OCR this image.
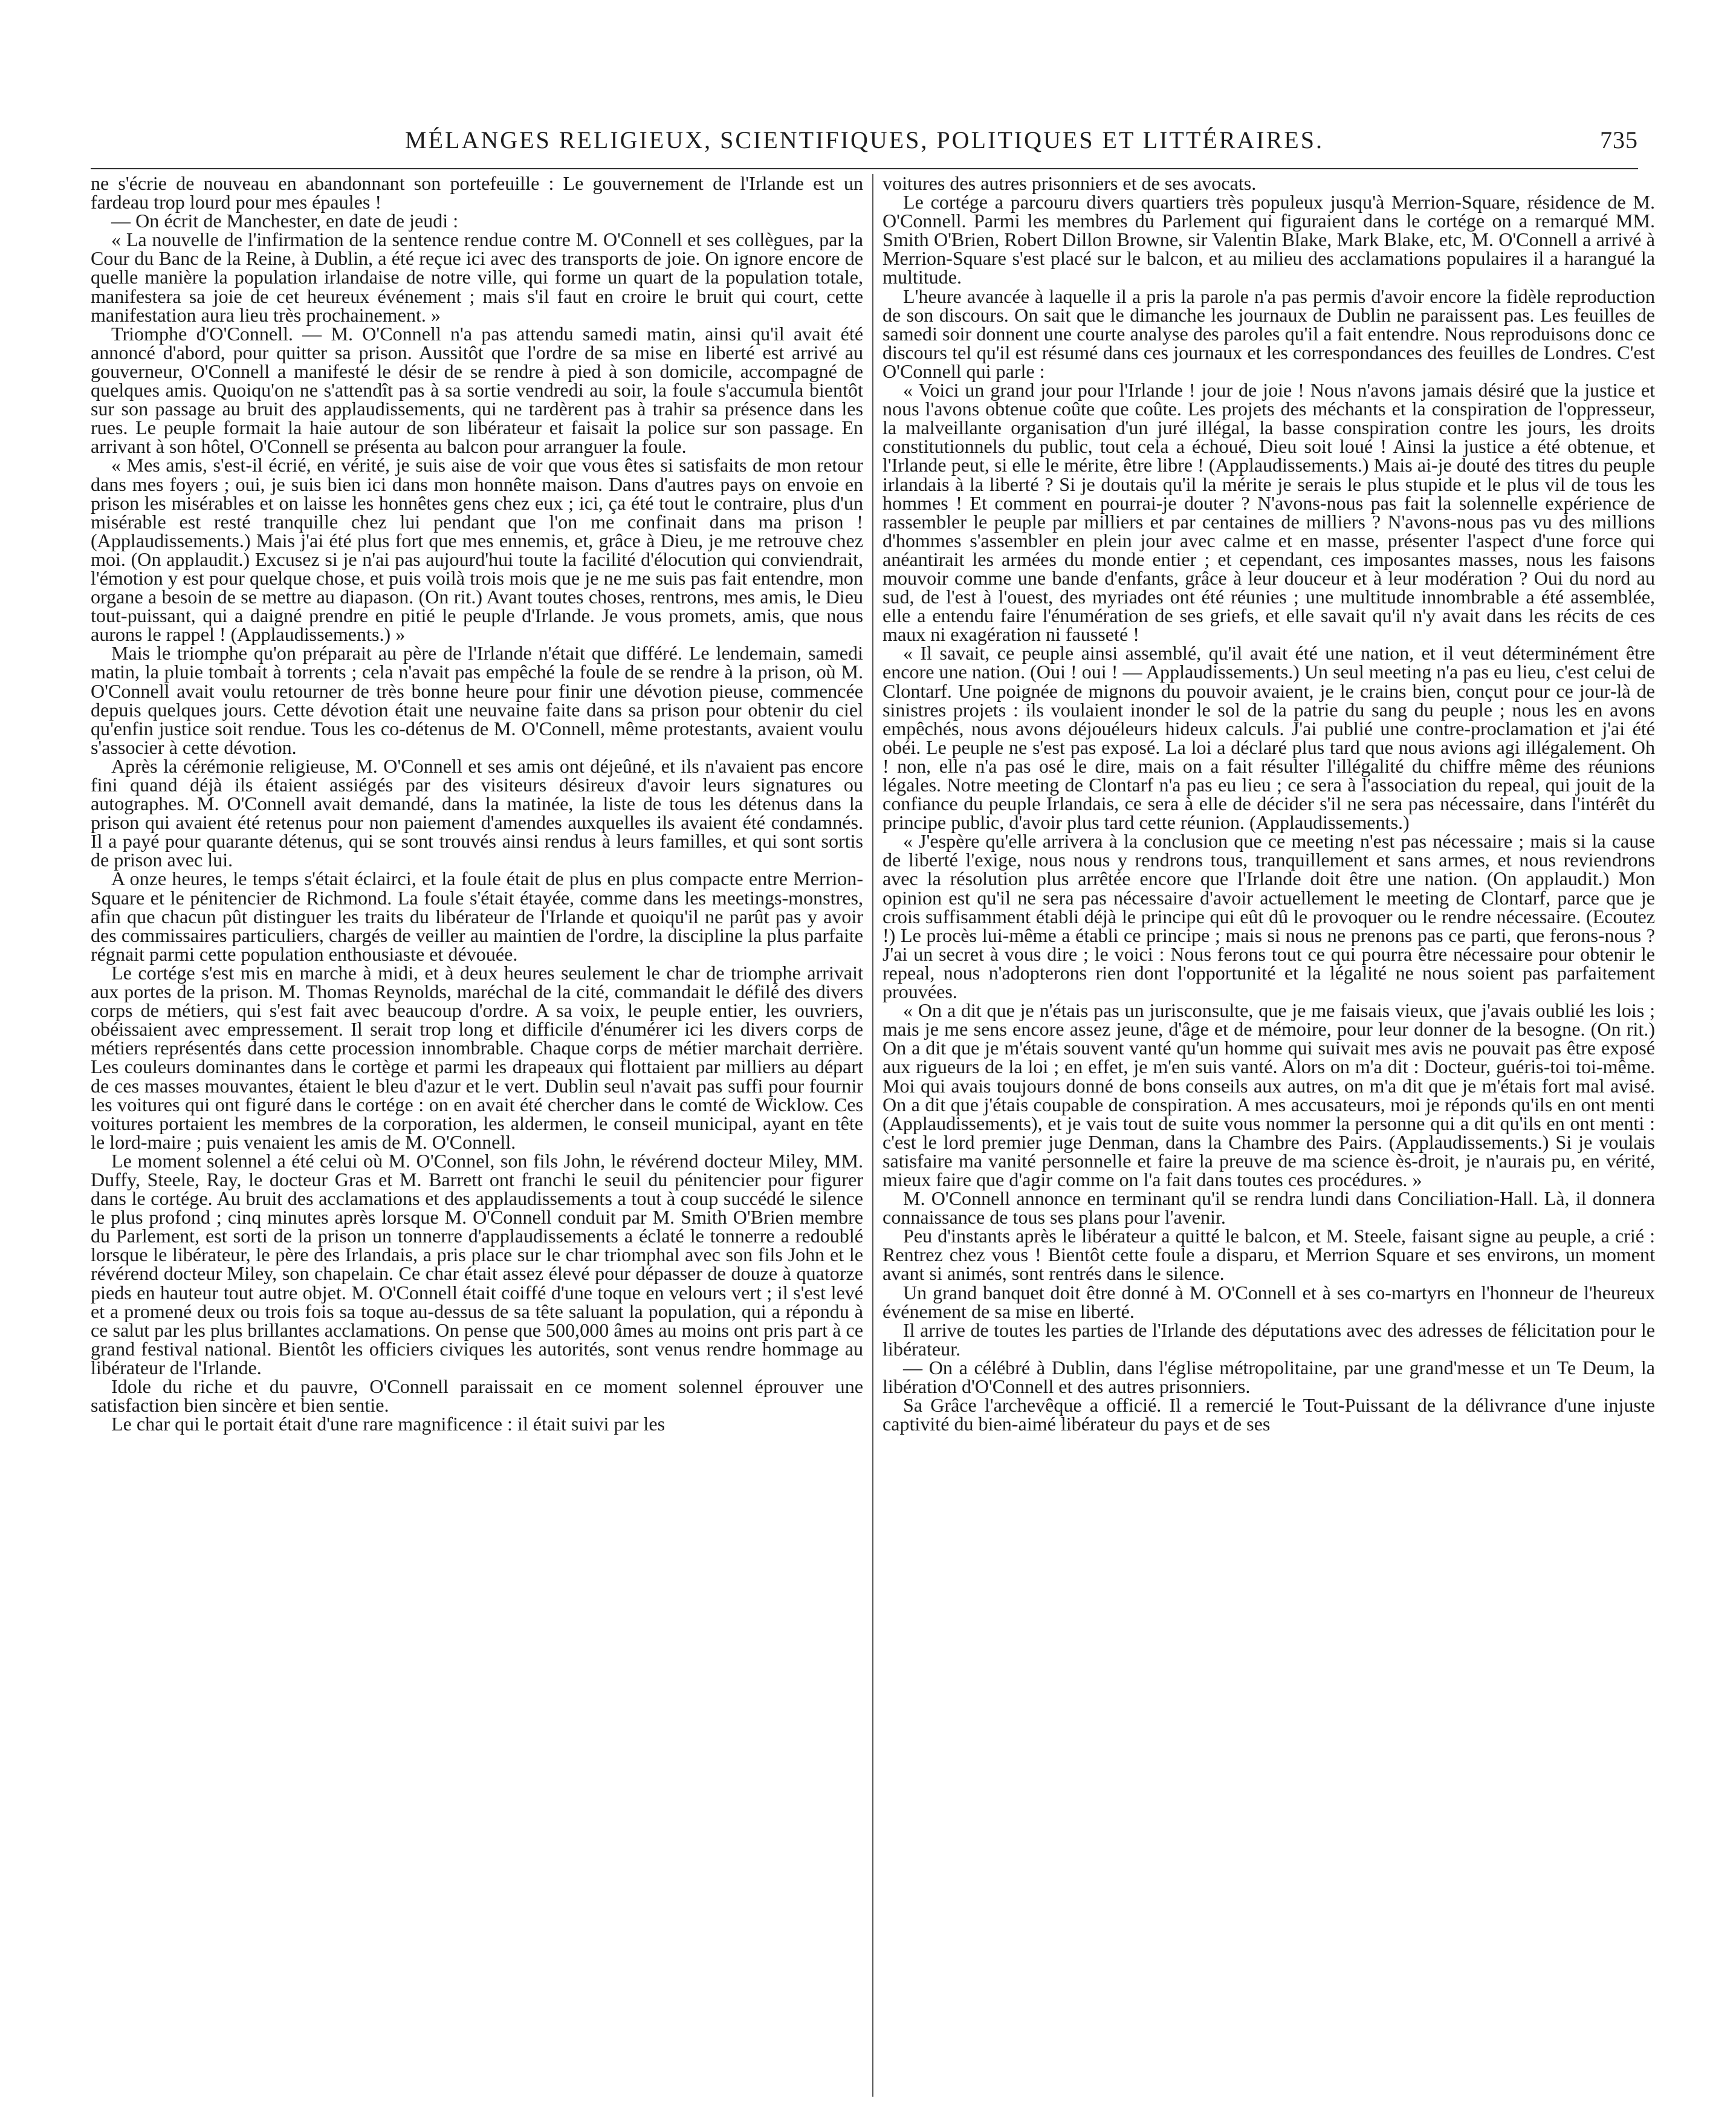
MÉLANGES RELIGIEUX, SCIENTIFIQUES, POLITIQUES ET LITTÉRAIRES.	735

ne s'écrie de nouveau en abandonnant son portefeuille : Le gouvernement de l'Irlande est un fardeau trop lourd pour mes épaules !

— On écrit de Manchester, en date de jeudi :

« La nouvelle de l'infirmation de la sentence rendue contre M. O'Connell et ses collègues, par la Cour du Banc de la Reine, à Dublin, a été reçue ici avec des transports de joie. On ignore encore de quelle manière la population irlandaise de notre ville, qui forme un quart de la population totale, manifestera sa joie de cet heureux événement ; mais s'il faut en croire le bruit qui court, cette manifestation aura lieu très prochainement. »

Triomphe d'O'Connell. — M. O'Connell n'a pas attendu samedi matin, ainsi qu'il avait été annoncé d'abord, pour quitter sa prison. Aussitôt que l'ordre de sa mise en liberté est arrivé au gouverneur, O'Connell a manifesté le désir de se rendre à pied à son domicile, accompagné de quelques amis. Quoiqu'on ne s'attendît pas à sa sortie vendredi au soir, la foule s'accumula bientôt sur son passage au bruit des applaudissements, qui ne tardèrent pas à trahir sa présence dans les rues. Le peuple formait la haie autour de son libérateur et faisait la police sur son passage. En arrivant à son hôtel, O'Connell se présenta au balcon pour arranguer la foule.

« Mes amis, s'est-il écrié, en vérité, je suis aise de voir que vous êtes si satisfaits de mon retour dans mes foyers ; oui, je suis bien ici dans mon honnête maison. Dans d'autres pays on envoie en prison les misérables et on laisse les honnêtes gens chez eux ; ici, ça été tout le contraire, plus d'un misérable est resté tranquille chez lui pendant que l'on me confinait dans ma prison ! (Applaudissements.) Mais j'ai été plus fort que mes ennemis, et, grâce à Dieu, je me retrouve chez moi. (On applaudit.) Excusez si je n'ai pas aujourd'hui toute la facilité d'élocution qui conviendrait, l'émotion y est pour quelque chose, et puis voilà trois mois que je ne me suis pas fait entendre, mon organe a besoin de se mettre au diapason. (On rit.) Avant toutes choses, rentrons, mes amis, le Dieu tout-puissant, qui a daigné prendre en pitié le peuple d'Irlande. Je vous promets, amis, que nous aurons le rappel ! (Applaudissements.) »

Mais le triomphe qu'on préparait au père de l'Irlande n'était que différé. Le lendemain, samedi matin, la pluie tombait à torrents ; cela n'avait pas empêché la foule de se rendre à la prison, où M. O'Connell avait voulu retourner de très bonne heure pour finir une dévotion pieuse, commencée depuis quelques jours. Cette dévotion était une neuvaine faite dans sa prison pour obtenir du ciel qu'enfin justice soit rendue. Tous les co-détenus de M. O'Connell, même protestants, avaient voulu s'associer à cette dévotion.

Après la cérémonie religieuse, M. O'Connell et ses amis ont déjeûné, et ils n'avaient pas encore fini quand déjà ils étaient assiégés par des visiteurs désireux d'avoir leurs signatures ou autographes. M. O'Connell avait demandé, dans la matinée, la liste de tous les détenus dans la prison qui avaient été retenus pour non paiement d'amendes auxquelles ils avaient été condamnés. Il a payé pour quarante détenus, qui se sont trouvés ainsi rendus à leurs familles, et qui sont sortis de prison avec lui.

A onze heures, le temps s'était éclairci, et la foule était de plus en plus compacte entre Merrion-Square et le pénitencier de Richmond. La foule s'était étayée, comme dans les meetings-monstres, afin que chacun pût distinguer les traits du libérateur de l'Irlande et quoiqu'il ne parût pas y avoir des commissaires particuliers, chargés de veiller au maintien de l'ordre, la discipline la plus parfaite régnait parmi cette population enthousiaste et dévouée.

Le cortége s'est mis en marche à midi, et à deux heures seulement le char de triomphe arrivait aux portes de la prison. M. Thomas Reynolds, maréchal de la cité, commandait le défilé des divers corps de métiers, qui s'est fait avec beaucoup d'ordre. A sa voix, le peuple entier, les ouvriers, obéissaient avec empressement. Il serait trop long et difficile d'énumérer ici les divers corps de métiers représentés dans cette procession innombrable. Chaque corps de métier marchait derrière. Les couleurs dominantes dans le cortège et parmi les drapeaux qui flottaient par milliers au départ de ces masses mouvantes, étaient le bleu d'azur et le vert. Dublin seul n'avait pas suffi pour fournir les voitures qui ont figuré dans le cortége : on en avait été chercher dans le comté de Wicklow. Ces voitures portaient les membres de la corporation, les aldermen, le conseil municipal, ayant en tête le lord-maire ; puis venaient les amis de M. O'Connell.

Le moment solennel a été celui où M. O'Connel, son fils John, le révérend docteur Miley, MM. Duffy, Steele, Ray, le docteur Gras et M. Barrett ont franchi le seuil du pénitencier pour figurer dans le cortége. Au bruit des acclamations et des applaudissements a tout à coup succédé le silence le plus profond ; cinq minutes après lorsque M. O'Connell conduit par M. Smith O'Brien membre du Parlement, est sorti de la prison un tonnerre d'applaudissements a éclaté le tonnerre a redoublé lorsque le libérateur, le père des Irlandais, a pris place sur le char triomphal avec son fils John et le révérend docteur Miley, son chapelain. Ce char était assez élevé pour dépasser de douze à quatorze pieds en hauteur tout autre objet. M. O'Connell était coiffé d'une toque en velours vert ; il s'est levé et a promené deux ou trois fois sa toque au-dessus de sa tête saluant la population, qui a répondu à ce salut par les plus brillantes acclamations. On pense que 500,000 âmes au moins ont pris part à ce grand festival national. Bientôt les officiers civiques les autorités, sont venus rendre hommage au libérateur de l'Irlande.

Idole du riche et du pauvre, O'Connell paraissait en ce moment solennel éprouver une satisfaction bien sincère et bien sentie.

Le char qui le portait était d'une rare magnificence : il était suivi par les

voitures des autres prisonniers et de ses avocats.

Le cortége a parcouru divers quartiers très populeux jusqu'à Merrion-Square, résidence de M. O'Connell. Parmi les membres du Parlement qui figuraient dans le cortége on a remarqué MM. Smith O'Brien, Robert Dillon Browne, sir Valentin Blake, Mark Blake, etc, M. O'Connell a arrivé à Merrion-Square s'est placé sur le balcon, et au milieu des acclamations populaires il a harangué la multitude.

L'heure avancée à laquelle il a pris la parole n'a pas permis d'avoir encore la fidèle reproduction de son discours. On sait que le dimanche les journaux de Dublin ne paraissent pas. Les feuilles de samedi soir donnent une courte analyse des paroles qu'il a fait entendre. Nous reproduisons donc ce discours tel qu'il est résumé dans ces journaux et les correspondances des feuilles de Londres. C'est O'Connell qui parle :

« Voici un grand jour pour l'Irlande ! jour de joie ! Nous n'avons jamais désiré que la justice et nous l'avons obtenue coûte que coûte. Les projets des méchants et la conspiration de l'oppresseur, la malveillante organisation d'un juré illégal, la basse conspiration contre les jours, les droits constitutionnels du public, tout cela a échoué, Dieu soit loué ! Ainsi la justice a été obtenue, et l'Irlande peut, si elle le mérite, être libre ! (Applaudissements.) Mais ai-je douté des titres du peuple irlandais à la liberté ? Si je doutais qu'il la mérite je serais le plus stupide et le plus vil de tous les hommes ! Et comment en pourrai-je douter ? N'avons-nous pas fait la solennelle expérience de rassembler le peuple par milliers et par centaines de milliers ? N'avons-nous pas vu des millions d'hommes s'assembler en plein jour avec calme et en masse, présenter l'aspect d'une force qui anéantirait les armées du monde entier ; et cependant, ces imposantes masses, nous les faisons mouvoir comme une bande d'enfants, grâce à leur douceur et à leur modération ? Oui du nord au sud, de l'est à l'ouest, des myriades ont été réunies ; une multitude innombrable a été assemblée, elle a entendu faire l'énumération de ses griefs, et elle savait qu'il n'y avait dans les récits de ces maux ni exagération ni fausseté !

« Il savait, ce peuple ainsi assemblé, qu'il avait été une nation, et il veut déterminément être encore une nation. (Oui ! oui ! — Applaudissements.) Un seul meeting n'a pas eu lieu, c'est celui de Clontarf. Une poignée de mignons du pouvoir avaient, je le crains bien, conçut pour ce jour-là de sinistres projets : ils voulaient inonder le sol de la patrie du sang du peuple ; nous les en avons empêchés, nous avons déjouéleurs hideux calculs. J'ai publié une contre-proclamation et j'ai été obéi. Le peuple ne s'est pas exposé. La loi a déclaré plus tard que nous avions agi illégalement. Oh ! non, elle n'a pas osé le dire, mais on a fait résulter l'illégalité du chiffre même des réunions légales. Notre meeting de Clontarf n'a pas eu lieu ; ce sera à l'association du repeal, qui jouit de la confiance du peuple Irlandais, ce sera à elle de décider s'il ne sera pas nécessaire, dans l'intérêt du principe public, d'avoir plus tard cette réunion. (Applaudissements.)

« J'espère qu'elle arrivera à la conclusion que ce meeting n'est pas nécessaire ; mais si la cause de liberté l'exige, nous nous y rendrons tous, tranquillement et sans armes, et nous reviendrons avec la résolution plus arrêtée encore que l'Irlande doit être une nation. (On applaudit.) Mon opinion est qu'il ne sera pas nécessaire d'avoir actuellement le meeting de Clontarf, parce que je crois suffisamment établi déjà le principe qui eût dû le provoquer ou le rendre nécessaire. (Ecoutez !) Le procès lui-même a établi ce principe ; mais si nous ne prenons pas ce parti, que ferons-nous ? J'ai un secret à vous dire ; le voici : Nous ferons tout ce qui pourra être nécessaire pour obtenir le repeal, nous n'adopterons rien dont l'opportunité et la légalité ne nous soient pas parfaitement prouvées.

« On a dit que je n'étais pas un jurisconsulte, que je me faisais vieux, que j'avais oublié les lois ; mais je me sens encore assez jeune, d'âge et de mémoire, pour leur donner de la besogne. (On rit.) On a dit que je m'étais souvent vanté qu'un homme qui suivait mes avis ne pouvait pas être exposé aux rigueurs de la loi ; en effet, je m'en suis vanté. Alors on m'a dit : Docteur, guéris-toi toi-même. Moi qui avais toujours donné de bons conseils aux autres, on m'a dit que je m'étais fort mal avisé. On a dit que j'étais coupable de conspiration. A mes accusateurs, moi je réponds qu'ils en ont menti (Applaudissements), et je vais tout de suite vous nommer la personne qui a dit qu'ils en ont menti : c'est le lord premier juge Denman, dans la Chambre des Pairs. (Applaudissements.) Si je voulais satisfaire ma vanité personnelle et faire la preuve de ma science ès-droit, je n'aurais pu, en vérité, mieux faire que d'agir comme on l'a fait dans toutes ces procédures. »

M. O'Connell annonce en terminant qu'il se rendra lundi dans Conciliation-Hall. Là, il donnera connaissance de tous ses plans pour l'avenir.

Peu d'instants après le libérateur a quitté le balcon, et M. Steele, faisant signe au peuple, a crié : Rentrez chez vous ! Bientôt cette foule a disparu, et Merrion Square et ses environs, un moment avant si animés, sont rentrés dans le silence.

Un grand banquet doit être donné à M. O'Connell et à ses co-martyrs en l'honneur de l'heureux événement de sa mise en liberté.

Il arrive de toutes les parties de l'Irlande des députations avec des adresses de félicitation pour le libérateur.

— On a célébré à Dublin, dans l'église métropolitaine, par une grand'messe et un Te Deum, la libération d'O'Connell et des autres prisonniers.

Sa Grâce l'archevêque a officié. Il a remercié le Tout-Puissant de la délivrance d'une injuste captivité du bien-aimé libérateur du pays et de ses
